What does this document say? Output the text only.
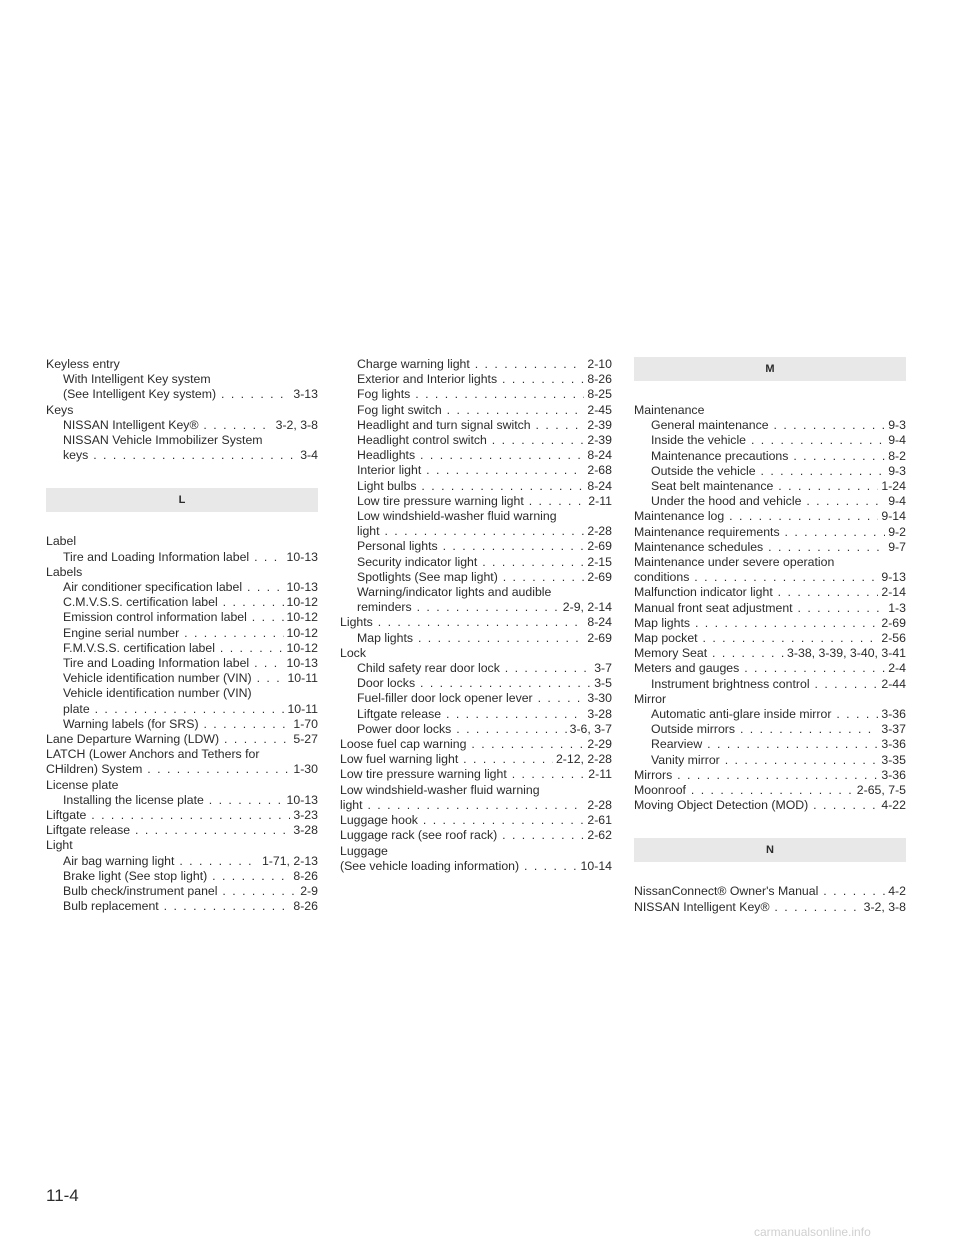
Keyless entry
With Intelligent Key system
(See Intelligent Key system) . . .	3-13
Keys
NISSAN Intelligent Key® . . .	3-2, 3-8
NISSAN Vehicle Immobilizer System
keys . . .	3-4
L
Label
Tire and Loading Information label . . .	10-13
Labels
Air conditioner specification label . . .	10-13
C.M.V.S.S. certification label . . .	10-12
Emission control information label . . .	10-12
Engine serial number . . .	10-12
F.M.V.S.S. certification label . . .	10-12
Tire and Loading Information label . . .	10-13
Vehicle identification number (VIN) . . .	10-11
Vehicle identification number (VIN)
plate . . .	10-11
Warning labels (for SRS) . . .	1-70
Lane Departure Warning (LDW) . . .	5-27
LATCH (Lower Anchors and Tethers for
CHildren) System . . .	1-30
License plate
Installing the license plate . . .	10-13
Liftgate . . .	3-23
Liftgate release . . .	3-28
Light
Air bag warning light . . .	1-71, 2-13
Brake light (See stop light) . . .	8-26
Bulb check/instrument panel . . .	2-9
Bulb replacement . . .	8-26
Charge warning light . . .	2-10
Exterior and Interior lights . . .	8-26
Fog lights . . .	8-25
Fog light switch . . .	2-45
Headlight and turn signal switch . . .	2-39
Headlight control switch . . .	2-39
Headlights . . .	8-24
Interior light . . .	2-68
Light bulbs . . .	8-24
Low tire pressure warning light . . .	2-11
Low windshield-washer fluid warning
light . . .	2-28
Personal lights . . .	2-69
Security indicator light . . .	2-15
Spotlights (See map light) . . .	2-69
Warning/indicator lights and audible
reminders . . .	2-9, 2-14
Lights . . .	8-24
Map lights . . .	2-69
Lock
Child safety rear door lock . . .	3-7
Door locks . . .	3-5
Fuel-filler door lock opener lever . . .	3-30
Liftgate release . . .	3-28
Power door locks . . .	3-6, 3-7
Loose fuel cap warning . . .	2-29
Low fuel warning light . . .	2-12, 2-28
Low tire pressure warning light . . .	2-11
Low windshield-washer fluid warning
light . . .	2-28
Luggage hook . . .	2-61
Luggage rack (see roof rack) . . .	2-62
Luggage
(See vehicle loading information) . . .	10-14
M
Maintenance
General maintenance . . .	9-3
Inside the vehicle . . .	9-4
Maintenance precautions . . .	8-2
Outside the vehicle . . .	9-3
Seat belt maintenance . . .	1-24
Under the hood and vehicle . . .	9-4
Maintenance log . . .	9-14
Maintenance requirements . . .	9-2
Maintenance schedules . . .	9-7
Maintenance under severe operation
conditions . . .	9-13
Malfunction indicator light . . .	2-14
Manual front seat adjustment . . .	1-3
Map lights . . .	2-69
Map pocket . . .	2-56
Memory Seat . . .	3-38, 3-39, 3-40, 3-41
Meters and gauges . . .	2-4
Instrument brightness control . . .	2-44
Mirror
Automatic anti-glare inside mirror . . .	3-36
Outside mirrors . . .	3-37
Rearview . . .	3-36
Vanity mirror . . .	3-35
Mirrors . . .	3-36
Moonroof . . .	2-65, 7-5
Moving Object Detection (MOD) . . .	4-22
N
NissanConnect® Owner's Manual . . .	4-2
NISSAN Intelligent Key® . . .	3-2, 3-8
11-4
carmanualsonline.info
